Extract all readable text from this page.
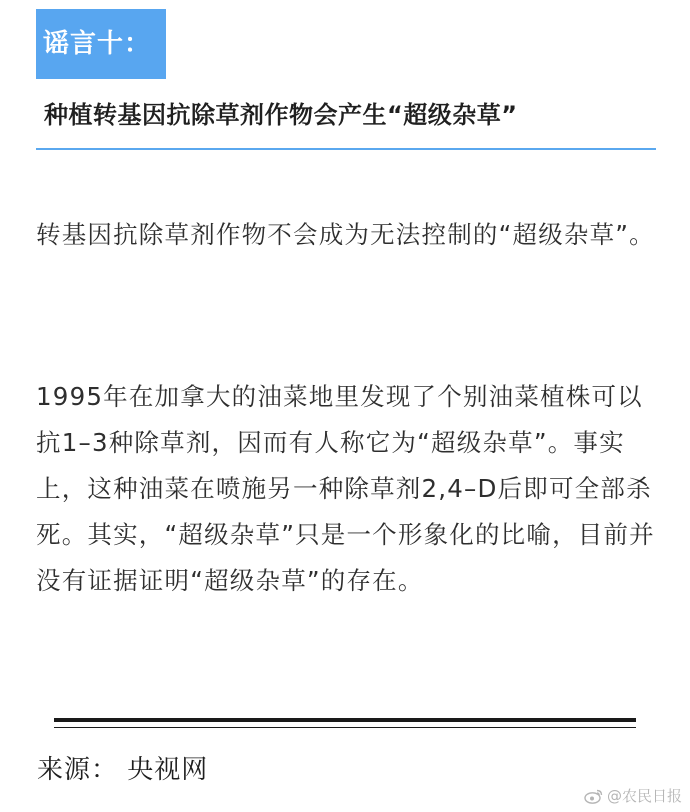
谣言十：
种植转基因抗除草剂作物会产生“超级杂草”
转基因抗除草剂作物不会成为无法控制的“超级杂草”。
1995年在加拿大的油菜地里发现了个别油菜植株可以抗1–3种除草剂，因而有人称它为“超级杂草”。事实上，这种油菜在喷施另一种除草剂2,4–D后即可全部杀死。其实，“超级杂草”只是一个形象化的比喻，目前并没有证据证明“超级杂草”的存在。
来源： 央视网
@农民日报
